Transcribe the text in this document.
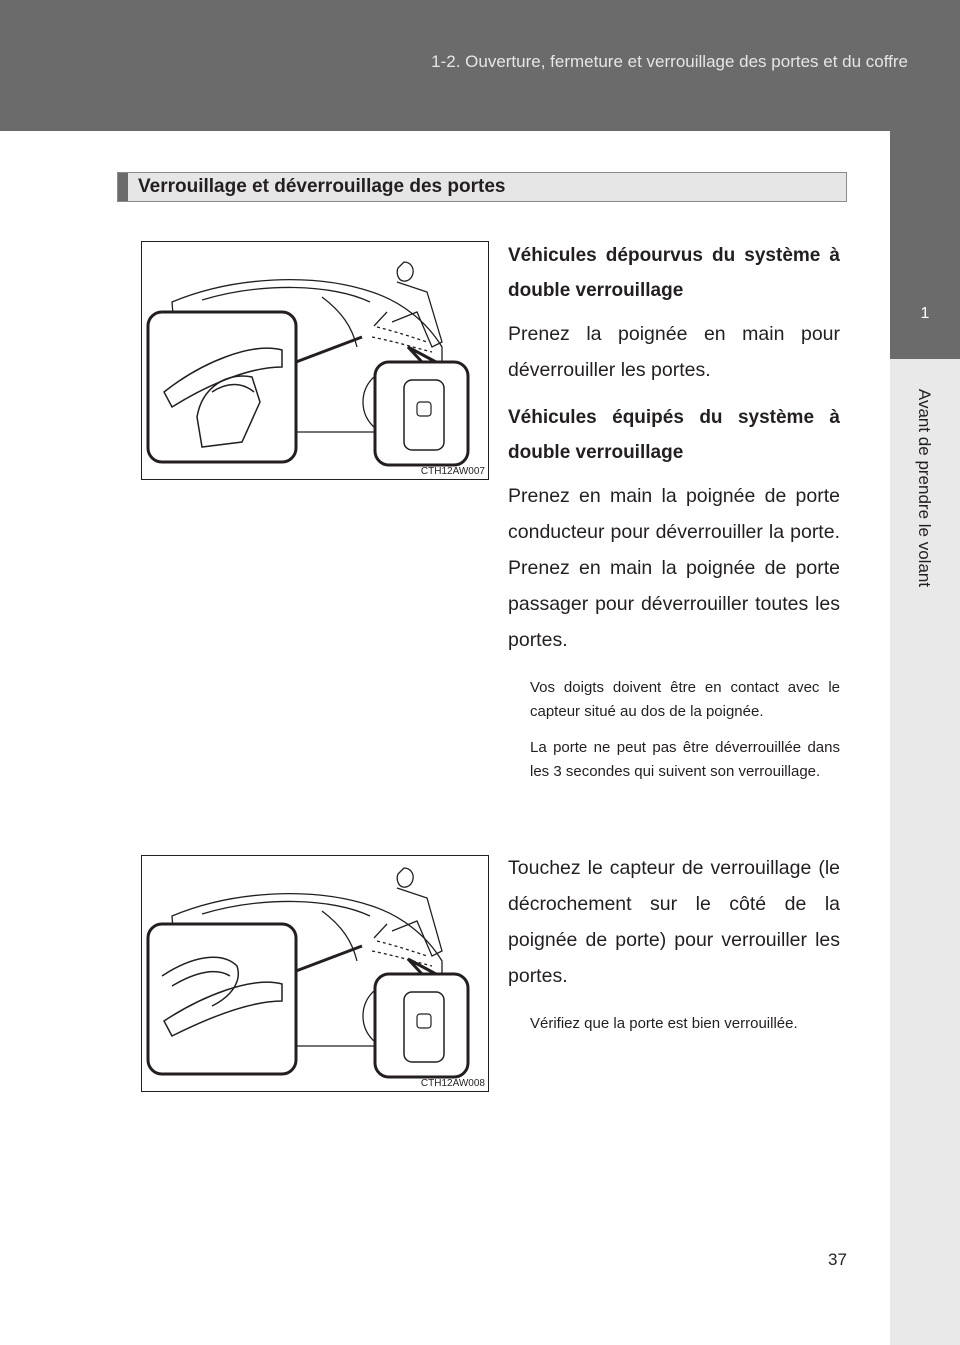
1-2. Ouverture, fermeture et verrouillage des portes et du coffre
1
Avant de prendre le volant
Verrouillage et déverrouillage des portes
CTH12AW007
CTH12AW008

Véhicules dépourvus du système à double verrouillage

Prenez la poignée en main pour déverrouiller les portes.

Véhicules équipés du système à double verrouillage

Prenez en main la poignée de porte conducteur pour déverrouiller la porte. Prenez en main la poignée de porte passager pour déverrouiller toutes les portes.

Vos doigts doivent être en contact avec le capteur situé au dos de la poignée.

La porte ne peut pas être déverrouillée dans les 3 secondes qui suivent son verrouillage.

Touchez le capteur de verrouillage (le décrochement sur le côté de la poignée de porte) pour verrouiller les portes.

Vérifiez que la porte est bien verrouillée.

37
